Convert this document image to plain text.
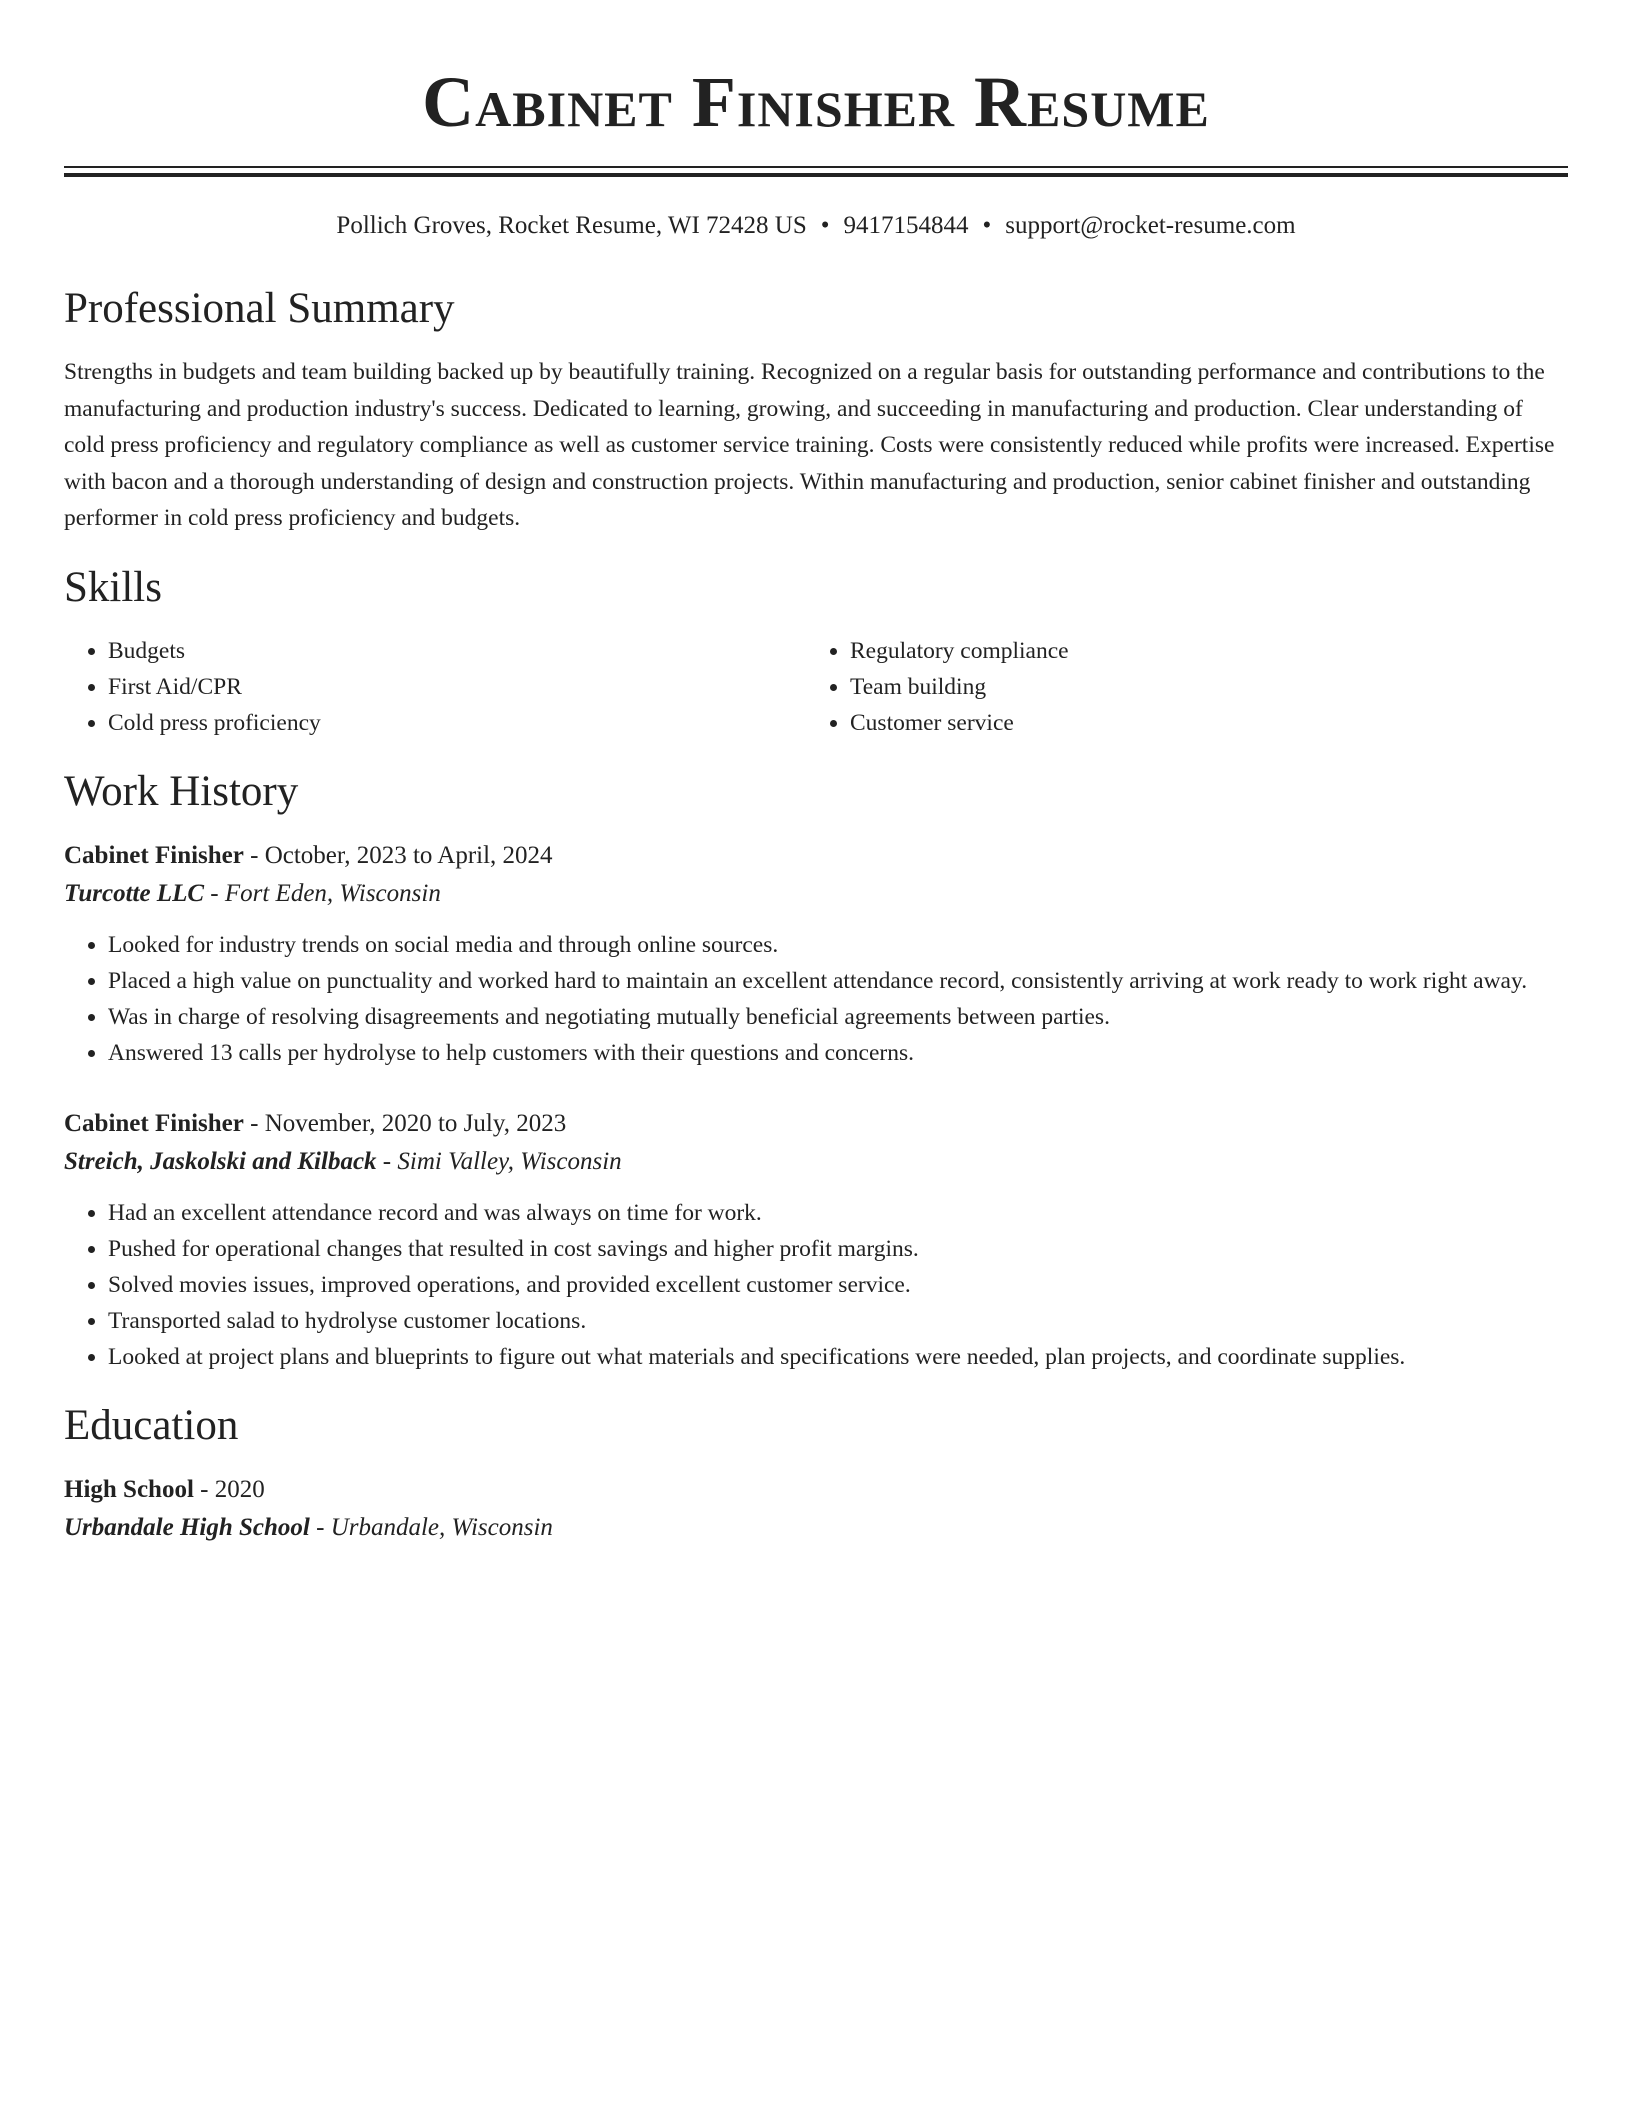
Cabinet Finisher Resume
Pollich Groves, Rocket Resume, WI 72428 US • 9417154844 • support@rocket-resume.com
Professional Summary

Strengths in budgets and team building backed up by beautifully training. Recognized on a regular basis for outstanding performance and contributions to the manufacturing and production industry's success. Dedicated to learning, growing, and succeeding in manufacturing and production. Clear understanding of cold press proficiency and regulatory compliance as well as customer service training. Costs were consistently reduced while profits were increased. Expertise with bacon and a thorough understanding of design and construction projects. Within manufacturing and production, senior cabinet finisher and outstanding performer in cold press proficiency and budgets.

Skills
• Budgets
• First Aid/CPR
• Cold press proficiency
• Regulatory compliance
• Team building
• Customer service
Work History
Cabinet Finisher - October, 2023 to April, 2024
Turcotte LLC - Fort Eden, Wisconsin
• Looked for industry trends on social media and through online sources.
• Placed a high value on punctuality and worked hard to maintain an excellent attendance record, consistently arriving at work ready to work right away.
• Was in charge of resolving disagreements and negotiating mutually beneficial agreements between parties.
• Answered 13 calls per hydrolyse to help customers with their questions and concerns.
Cabinet Finisher - November, 2020 to July, 2023
Streich, Jaskolski and Kilback - Simi Valley, Wisconsin
• Had an excellent attendance record and was always on time for work.
• Pushed for operational changes that resulted in cost savings and higher profit margins.
• Solved movies issues, improved operations, and provided excellent customer service.
• Transported salad to hydrolyse customer locations.
• Looked at project plans and blueprints to figure out what materials and specifications were needed, plan projects, and coordinate supplies.
Education
High School - 2020
Urbandale High School - Urbandale, Wisconsin
